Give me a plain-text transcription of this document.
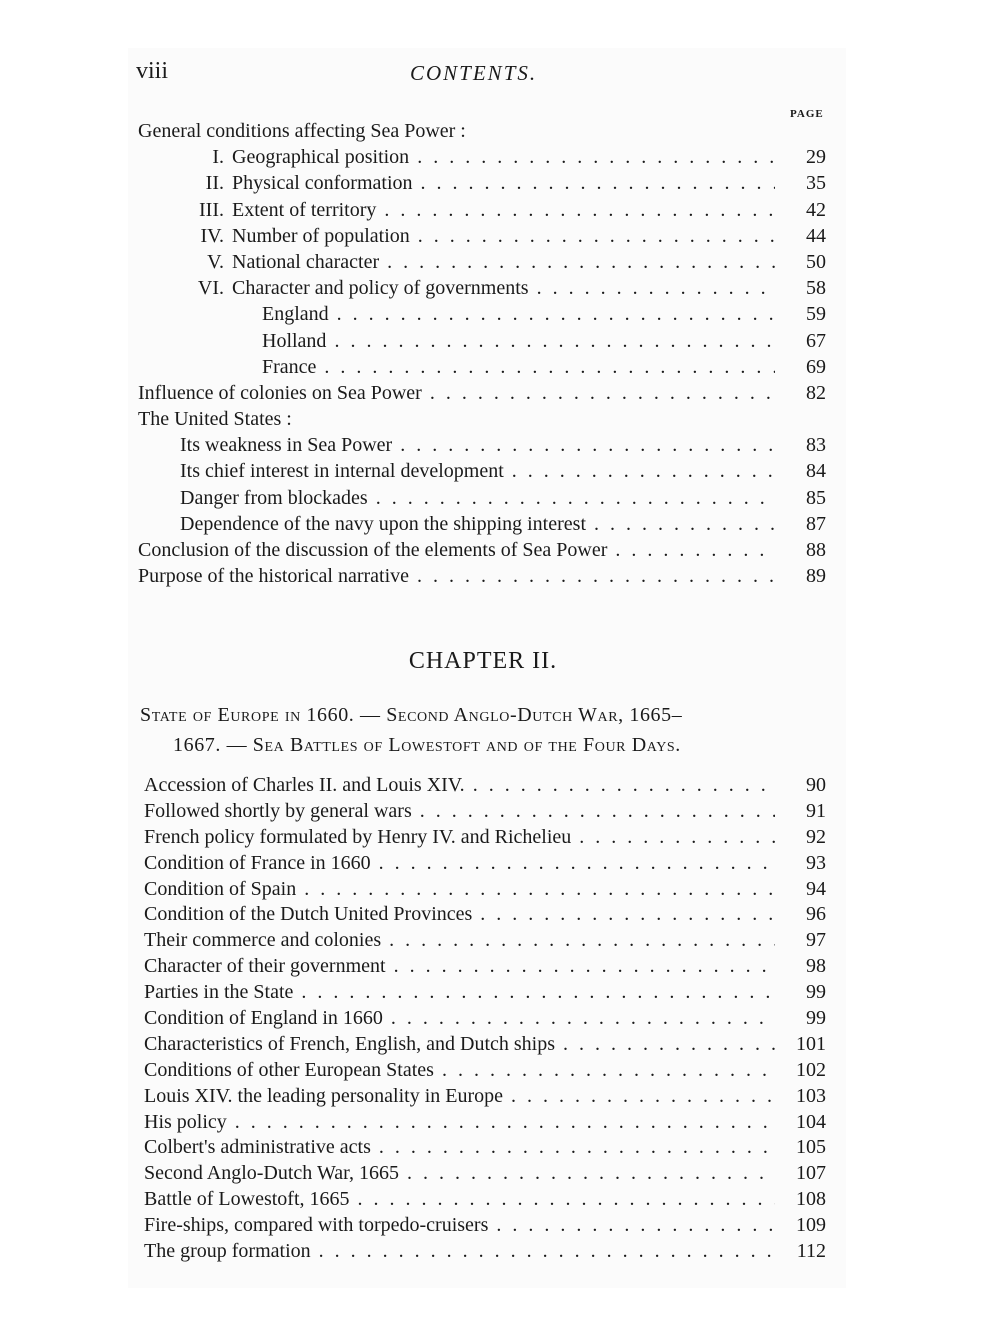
viii	CONTENTS.
PAGE
General conditions affecting Sea Power :
I. Geographical position . . .	29
II. Physical conformation . . .	35
III. Extent of territory . . .	42
IV. Number of population . . .	44
V. National character . . .	50
VI. Character and policy of governments . . .	58
England . . .	59
Holland . . .	67
France . . .	69
Influence of colonies on Sea Power . . .	82
The United States :
Its weakness in Sea Power . . .	83
Its chief interest in internal development . . .	84
Danger from blockades . . .	85
Dependence of the navy upon the shipping interest . . .	87
Conclusion of the discussion of the elements of Sea Power . . .	88
Purpose of the historical narrative . . .	89
CHAPTER II.
State of Europe in 1660. — Second Anglo-Dutch War, 1665–
1667. — Sea Battles of Lowestoft and of the Four Days.
Accession of Charles II. and Louis XIV. . . .	90
Followed shortly by general wars . . .	91
French policy formulated by Henry IV. and Richelieu . . .	92
Condition of France in 1660 . . .	93
Condition of Spain . . .	94
Condition of the Dutch United Provinces . . .	96
Their commerce and colonies . . .	97
Character of their government . . .	98
Parties in the State . . .	99
Condition of England in 1660 . . .	99
Characteristics of French, English, and Dutch ships . . .	101
Conditions of other European States . . .	102
Louis XIV. the leading personality in Europe . . .	103
His policy . . .	104
Colbert's administrative acts . . .	105
Second Anglo-Dutch War, 1665 . . .	107
Battle of Lowestoft, 1665 . . .	108
Fire-ships, compared with torpedo-cruisers . . .	109
The group formation . . .	112
